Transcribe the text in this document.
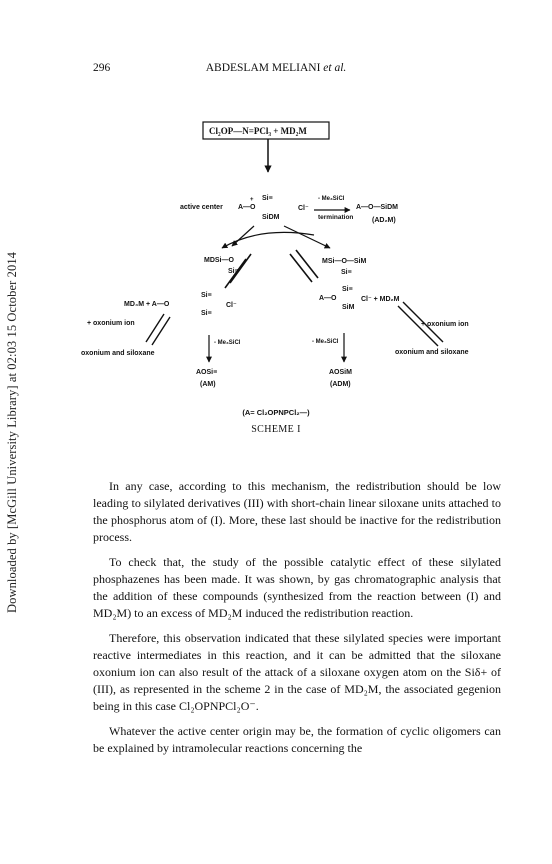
Downloaded by [McGill University Library] at 02:03 15 October 2014
296	ABDESLAM MELIANI et al.
Cl₂OP—N=PCl₃ + MD₂M
active center A—O
+ Si≡
SiDM
Cl⁻
- Me₃SiCl
termination
A—O—SiDM
(AD₂M)
MDSi—O
Si≡
MD₄M + A—O
Si≡
Si≡
Cl⁻
+ oxonium ion
oxonium and siloxane
- Me₃SiCl
AOSi≡
(AM)
MSi—O—SiM
Si≡
A—O
Si≡
SiM
Cl⁻ + MD₂M
+ oxonium ion
oxonium and siloxane
- Me₃SiCl
AOSiM
(ADM)
(A= Cl₂OPNPCl₂—)
SCHEME I

In any case, according to this mechanism, the redistribution should be low leading to silylated derivatives (III) with short-chain linear siloxane units attached to the phosphorus atom of (I). More, these last should be inactive for the redistribution process.

To check that, the study of the possible catalytic effect of these silylated phosphazenes has been made. It was shown, by gas chromatographic analysis that the addition of these compounds (synthesized from the reaction between (I) and MD₂M) to an excess of MD₂M induced the redistribution reaction.

Therefore, this observation indicated that these silylated species were important reactive intermediates in this reaction, and it can be admitted that the siloxane oxonium ion can also result of the attack of a siloxane oxygen atom on the Siδ+ of (III), as represented in the scheme 2 in the case of MD₂M, the associated gegenion being in this case Cl₂OPNPCl₂O⁻.

Whatever the active center origin may be, the formation of cyclic oligomers can be explained by intramolecular reactions concerning the
